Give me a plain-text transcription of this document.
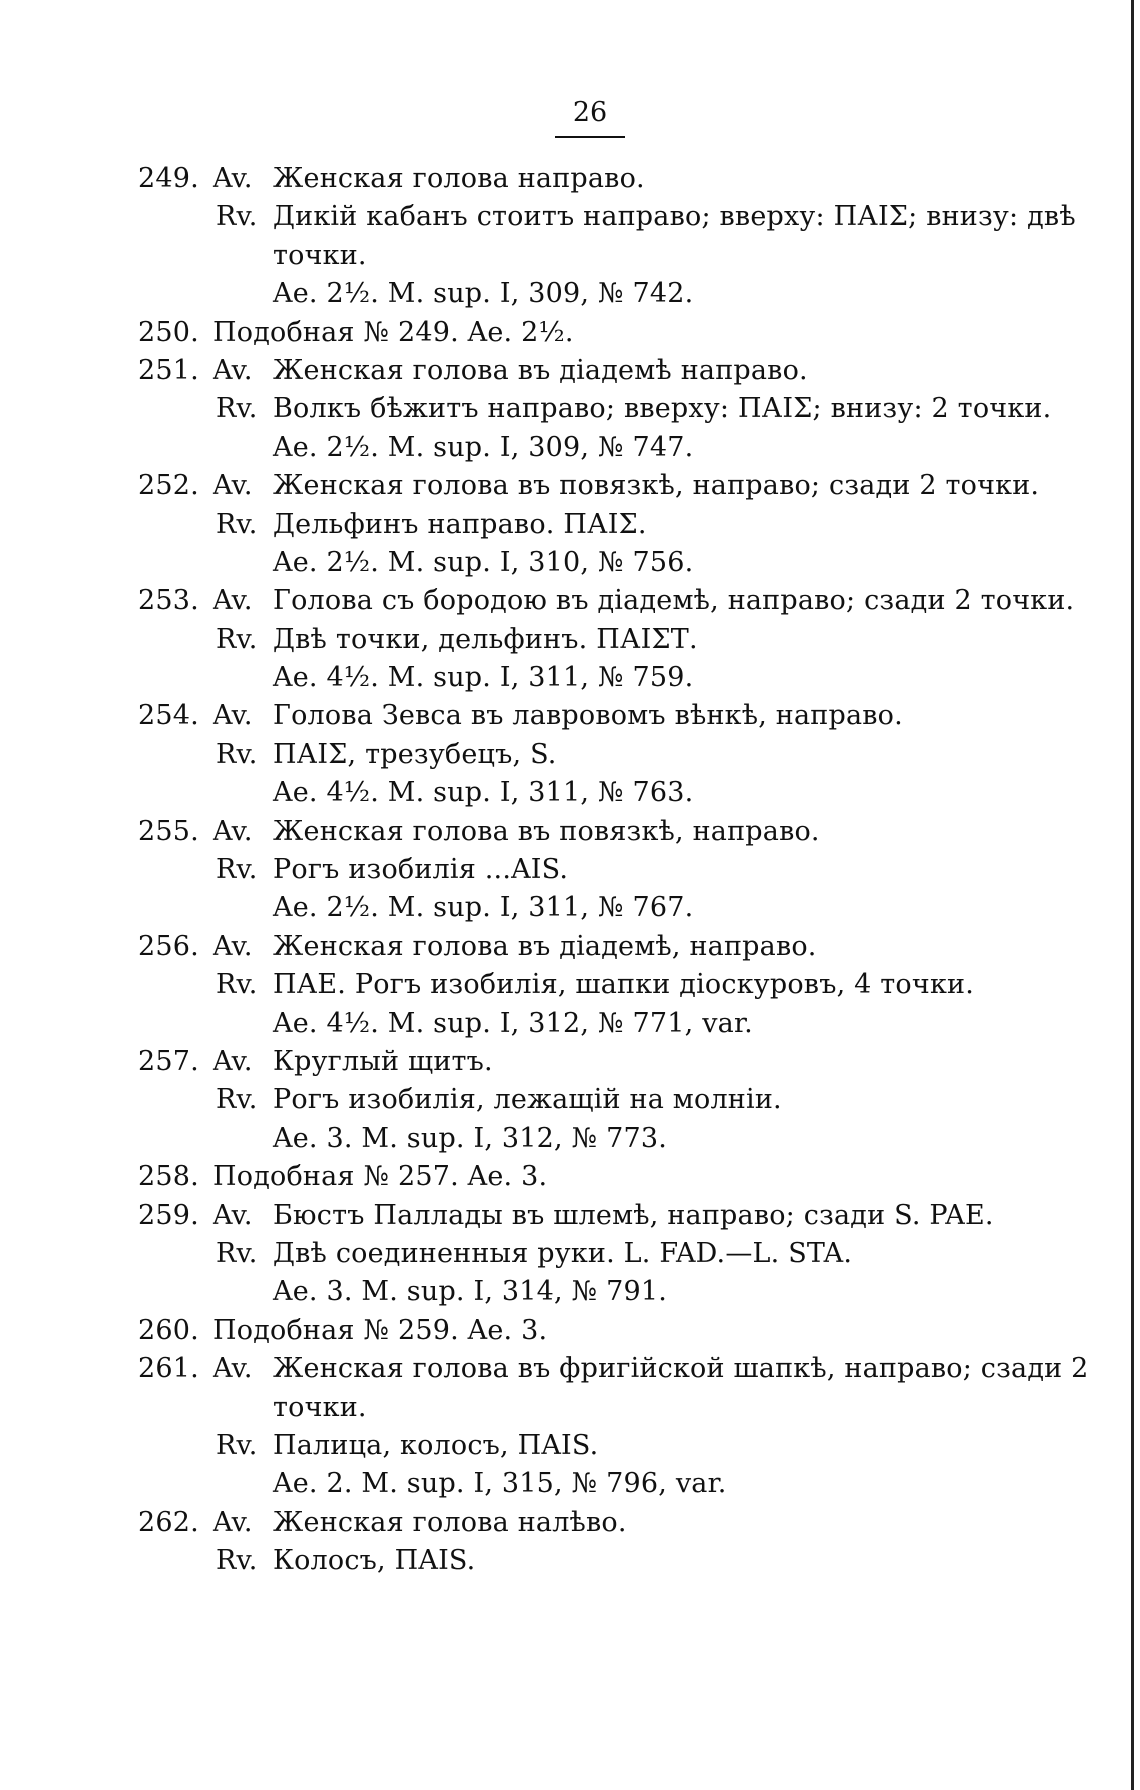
26
249. Av. Женская голова направо.
Rv. Дикій кабанъ стоитъ направо; вверху: ПАΙΣ; внизу: двѣ
точки.
Ae. 2½. M. sup. I, 309, № 742.
250. Подобная № 249. Ae. 2½.
251. Av. Женская голова въ діадемѣ направо.
Rv. Волкъ бѣжитъ направо; вверху: ПАΙΣ; внизу: 2 точки.
Ae. 2½. M. sup. I, 309, № 747.
252. Av. Женская голова въ повязкѣ, направо; сзади 2 точки.
Rv. Дельфинъ направо. ПАΙΣ.
Ae. 2½. M. sup. I, 310, № 756.
253. Av. Голова съ бородою въ діадемѣ, направо; сзади 2 точки.
Rv. Двѣ точки, дельфинъ. ПАΙΣТ.
Ae. 4½. M. sup. I, 311, № 759.
254. Av. Голова Зевса въ лавровомъ вѣнкѣ, направо.
Rv. ПАΙΣ, трезубецъ, S.
Ae. 4½. M. sup. I, 311, № 763.
255. Av. Женская голова въ повязкѣ, направо.
Rv. Рогъ изобилія ...AIS.
Ae. 2½. M. sup. I, 311, № 767.
256. Av. Женская голова въ діадемѣ, направо.
Rv. ПАЕ. Рогъ изобилія, шапки діоскуровъ, 4 точки.
Ae. 4½. M. sup. I, 312, № 771, var.
257. Av. Круглый щитъ.
Rv. Рогъ изобилія, лежащій на молніи.
Ae. 3. M. sup. I, 312, № 773.
258. Подобная № 257. Ae. 3.
259. Av. Бюстъ Паллады въ шлемѣ, направо; сзади S. PAE.
Rv. Двѣ соединенныя руки. L. FAD.—L. STA.
Ae. 3. M. sup. I, 314, № 791.
260. Подобная № 259. Ae. 3.
261. Av. Женская голова въ фригійской шапкѣ, направо; сзади 2
точки.
Rv. Палица, колосъ, ПAIS.
Ae. 2. M. sup. I, 315, № 796, var.
262. Av. Женская голова налѣво.
Rv. Колосъ, ПAIS.
